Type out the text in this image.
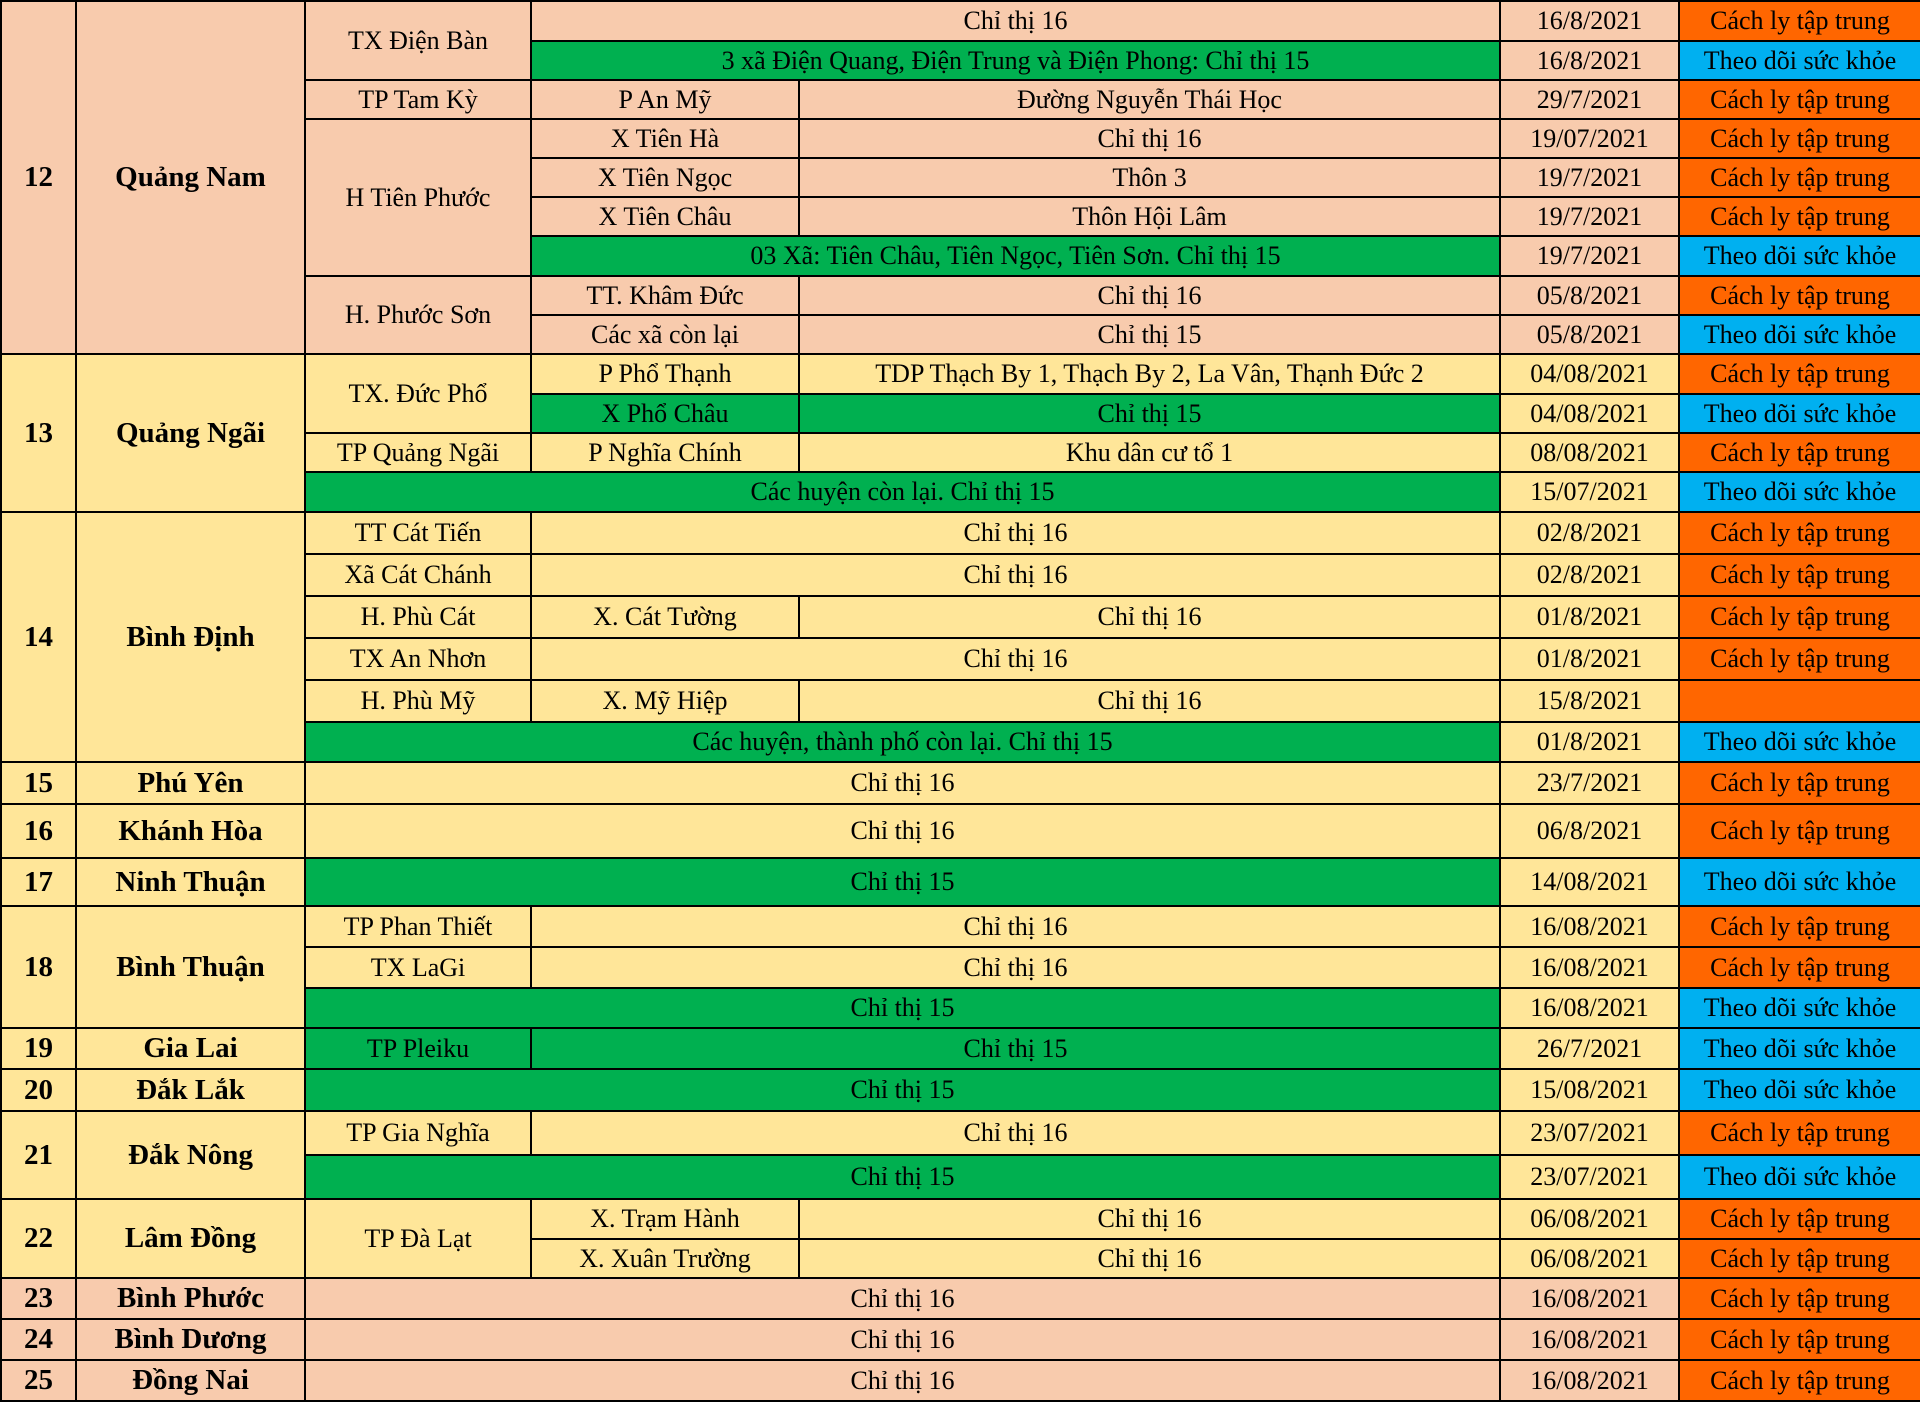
12	Quảng Nam	TX Điện Bàn	Chỉ thị 16		16/8/2021	Cách ly tập trung
			3 xã Điện Quang, Điện Trung và Điện Phong: Chỉ thị 15		16/8/2021	Theo dõi sức khỏe
		TP Tam Kỳ	P An Mỹ	Đường Nguyễn Thái Học	29/7/2021	Cách ly tập trung
		H Tiên Phước	X Tiên Hà	Chỉ thị 16	19/07/2021	Cách ly tập trung
			X Tiên Ngọc	Thôn 3	19/7/2021	Cách ly tập trung
			X Tiên Châu	Thôn Hội Lâm	19/7/2021	Cách ly tập trung
			03 Xã: Tiên Châu, Tiên Ngọc, Tiên Sơn. Chỉ thị 15		19/7/2021	Theo dõi sức khỏe
		H. Phước Sơn	TT. Khâm Đức	Chỉ thị 16	05/8/2021	Cách ly tập trung
			Các xã còn lại	Chỉ thị 15	05/8/2021	Theo dõi sức khỏe
13	Quảng Ngãi	TX. Đức Phổ	P Phổ Thạnh	TDP Thạch By 1, Thạch By 2, La Vân, Thạnh Đức 2	04/08/2021	Cách ly tập trung
			X Phổ Châu	Chỉ thị 15	04/08/2021	Theo dõi sức khỏe
		TP Quảng Ngãi	P Nghĩa Chính	Khu dân cư tổ 1	08/08/2021	Cách ly tập trung
		Các huyện còn lại. Chỉ thị 15			15/07/2021	Theo dõi sức khỏe
14	Bình Định	TT Cát Tiến	Chỉ thị 16		02/8/2021	Cách ly tập trung
		Xã Cát Chánh	Chỉ thị 16		02/8/2021	Cách ly tập trung
		H. Phù Cát	X. Cát Tường	Chỉ thị 16	01/8/2021	Cách ly tập trung
		TX An Nhơn	Chỉ thị 16		01/8/2021	Cách ly tập trung
		H. Phù Mỹ	X. Mỹ Hiệp	Chỉ thị 16	15/8/2021	
		Các huyện, thành phố còn lại. Chỉ thị 15			01/8/2021	Theo dõi sức khỏe
15	Phú Yên	Chỉ thị 16			23/7/2021	Cách ly tập trung
16	Khánh Hòa	Chỉ thị 16			06/8/2021	Cách ly tập trung
17	Ninh Thuận	Chỉ thị 15			14/08/2021	Theo dõi sức khỏe
18	Bình Thuận	TP Phan Thiết	Chỉ thị 16		16/08/2021	Cách ly tập trung
		TX LaGi	Chỉ thị 16		16/08/2021	Cách ly tập trung
		Chỉ thị 15			16/08/2021	Theo dõi sức khỏe
19	Gia Lai	TP Pleiku	Chỉ thị 15		26/7/2021	Theo dõi sức khỏe
20	Đắk Lắk	Chỉ thị 15			15/08/2021	Theo dõi sức khỏe
21	Đắk Nông	TP Gia Nghĩa	Chỉ thị 16		23/07/2021	Cách ly tập trung
		Chỉ thị 15			23/07/2021	Theo dõi sức khỏe
22	Lâm Đồng	TP Đà Lạt	X. Trạm Hành	Chỉ thị 16	06/08/2021	Cách ly tập trung
			X. Xuân Trường	Chỉ thị 16	06/08/2021	Cách ly tập trung
23	Bình Phước	Chỉ thị 16			16/08/2021	Cách ly tập trung
24	Bình Dương	Chỉ thị 16			16/08/2021	Cách ly tập trung
25	Đồng Nai	Chỉ thị 16			16/08/2021	Cách ly tập trung
